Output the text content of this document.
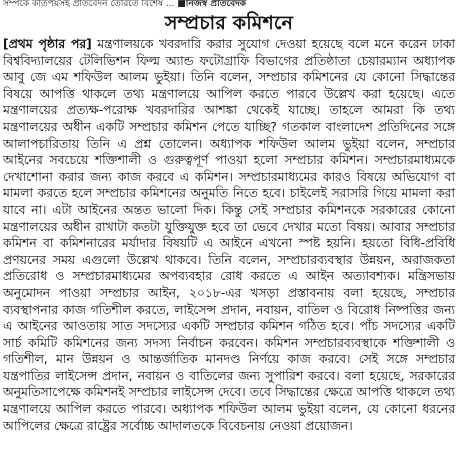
সম্পর্কে কতিপয়সহ প্রতিবেদন তৈরিতে বিশেষ ... ■নিজস্ব প্রতিবেদক
সম্প্রচার কমিশনে

[প্রথম পৃষ্ঠার পর] মন্ত্রণালয়কে খবরদারি করার সুযোগ দেওয়া হয়েছে বলে মনে করেন ঢাকা বিশ্ববিদ্যালয়ের টেলিভিশন ফিল্ম অ্যান্ড ফটোগ্রাফি বিভাগের প্রতিষ্ঠাতা চেয়ারম্যান অধ্যাপক আবু জে এম শফিউল আলম ভুইয়া। তিনি বলেন, সম্প্রচার কমিশনের যে কোনো সিদ্ধান্তের বিষয়ে আপত্তি থাকলে তথ্য মন্ত্রণালয়ে আপিল করতে পারবে উল্লেখ করা হয়েছে। এতে মন্ত্রণালয়ের প্রত্যক্ষ-পরোক্ষ খবরদারির আশঙ্কা থেকেই যাচ্ছে। তাহলে আমরা কি তথ্য মন্ত্রণালয়ের অধীন একটি সম্প্রচার কমিশন পেতে যাচ্ছি? গতকাল বাংলাদেশ প্রতিদিনের সঙ্গে আলাপচারিতায় তিনি এ প্রশ্ন তোলেন। অধ্যাপক শফিউল আলম ভুইয়া বলেন, সম্প্রচার আইনের সবচেয়ে শক্তিশালী ও গুরুত্বপূর্ণ পাওয়া হলো সম্প্রচার কমিশন। সম্প্রচারমাধ্যমকে দেখাশোনা করার জন্য কাজ করবে এ কমিশন। সম্প্রচারমাধ্যমের কারও বিষয়ে অভিযোগ বা মামলা করতে হলে সম্প্রচার কমিশনের অনুমতি নিতে হবে। চাইলেই সরাসরি গিয়ে মামলা করা যাবে না। এটা আইনের অন্তত ভালো দিক। কিন্তু সেই সম্প্রচার কমিশনকে সরকারের কোনো মন্ত্রণালয়ের অধীন রাখাটা কতটা যুক্তিযুক্ত হবে তা ভেবে দেখার মতো বিষয়। আবার সম্প্রচার কমিশন বা কমিশনারের মর্যাদার বিষয়টি এ আইনে এখনো স্পষ্ট হয়নি। হয়তো বিধি-প্রবিধি প্রণয়নের সময় এগুলো উল্লেখ থাকবে। তিনি বলেন, সম্প্রচারব্যবস্থার উন্নয়ন, অরাজকতা প্রতিরোধ ও সম্প্রচারমাধ্যমের অপব্যবহার রোধ করতে এ আইন অত্যাবশ্যক। মন্ত্রিসভায় অনুমোদন পাওয়া সম্প্রচার আইন, ২০১৮-এর খসড়া প্রস্তাবনায় বলা হয়েছে, সম্প্রচার ব্যবস্থাপনার কাজ গতিশীল করতে, লাইসেন্স প্রদান, নবায়ন, বাতিল ও বিরোধ নিষ্পত্তির জন্য এ আইনের আওতায় সাত সদস্যের একটি সম্প্রচার কমিশন গঠিত হবে। পাঁচ সদস্যের একটি সার্চ কমিটি কমিশনের জন্য সদস্য নির্বাচন করবেন। কমিশন সম্প্রচারব্যবস্থাকে শক্তিশালী ও গতিশীল, মান উন্নয়ন ও আন্তর্জাতিক মানদণ্ড নির্ণয়ে কাজ করবে। সেই সঙ্গে সম্প্রচার যন্ত্রপাতির লাইসেন্স প্রদান, নবায়ন ও বাতিলের জন্য সুপারিশ করবে। বলা হয়েছে, সরকারের অনুমতিসাপেক্ষে কমিশনই সম্প্রচার লাইসেন্স দেবে। তবে সিদ্ধান্তের ক্ষেত্রে আপত্তি থাকলে তথ্য মন্ত্রণালয়ে আপিল করতে পারবে। অধ্যাপক শফিউল আলম ভুইয়া বলেন, যে কোনো ধরনের আপিলের ক্ষেত্রে রাষ্ট্রের সর্বোচ্চ আদালতকে বিবেচনায় নেওয়া প্রয়োজন।
